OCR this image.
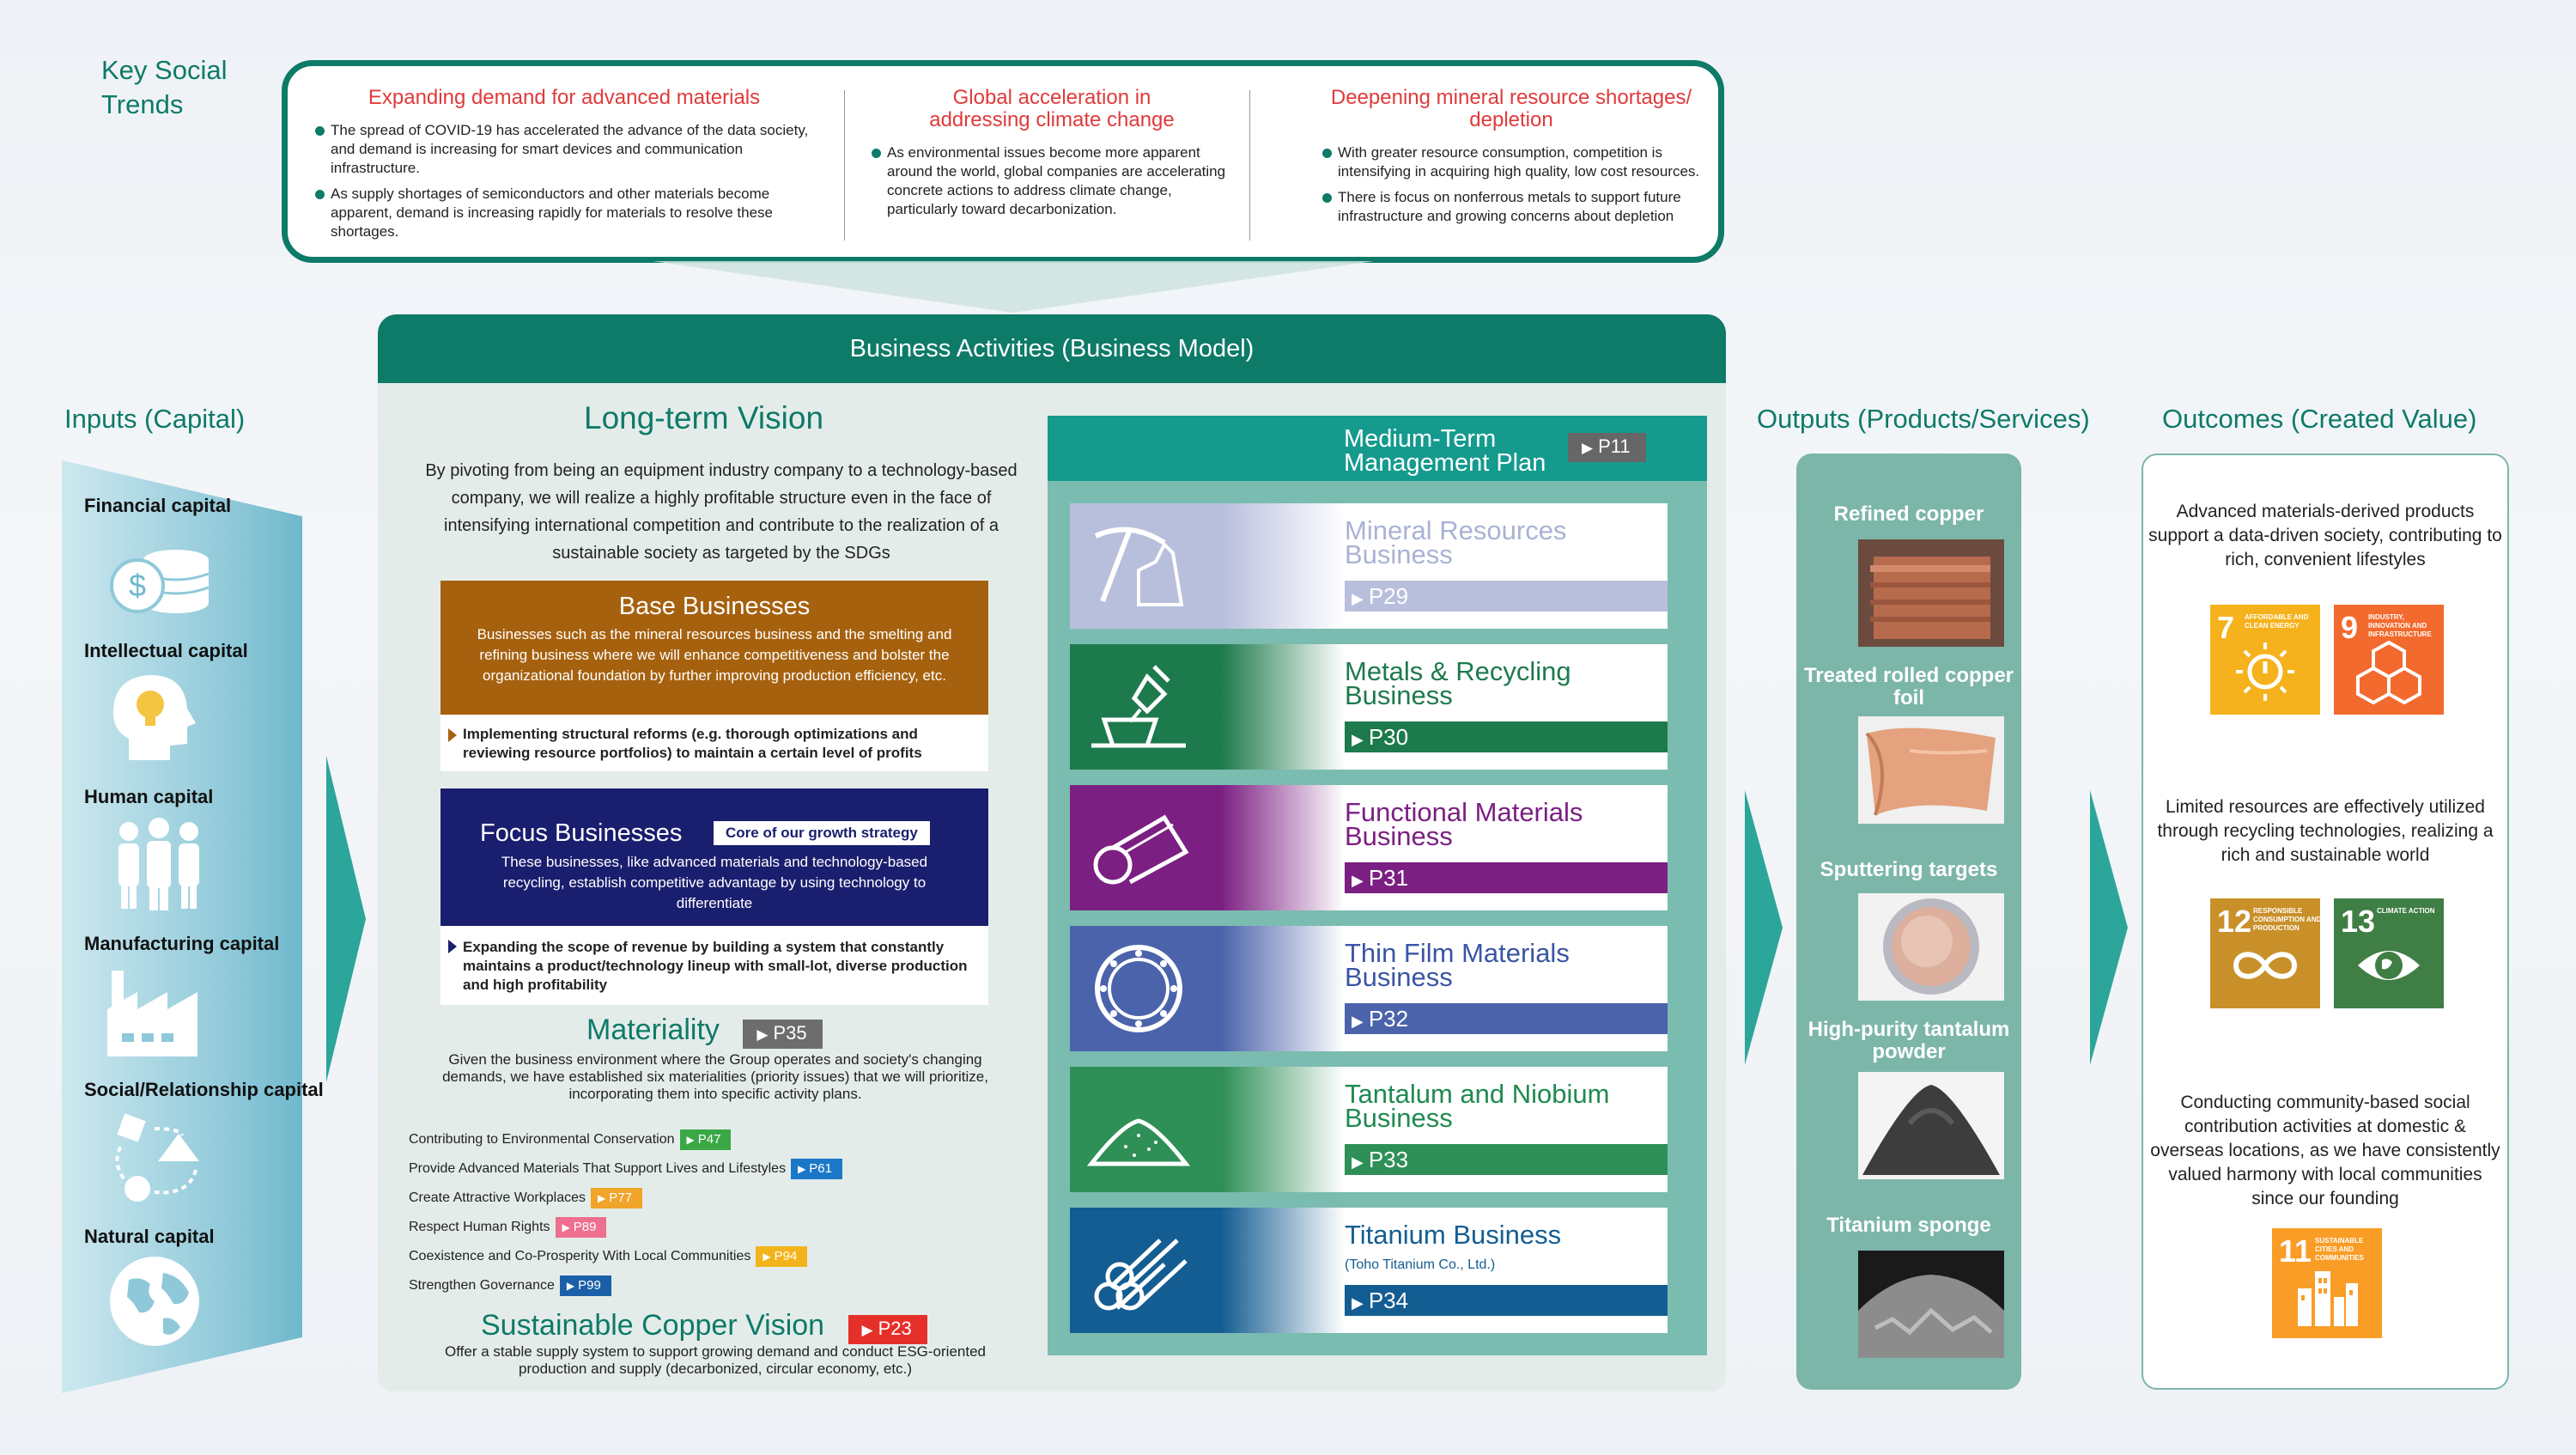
Key Social Trends	Expanding demand for advanced materials
The spread of COVID-19 has accelerated the advance of the data society, and demand is increasing for smart devices and communication infrastructure.
As supply shortages of semiconductors and other materials become apparent, demand is increasing rapidly for materials to resolve these shortages.
Global acceleration in addressing climate change
As environmental issues become more apparent around the world, global companies are accelerating concrete actions to address climate change, particularly toward decarbonization.
Deepening mineral resource shortages/ depletion
With greater resource consumption, competition is intensifying in acquiring high quality, low cost resources.
There is focus on nonferrous metals to support future infrastructure and growing concerns about depletion
Inputs (Capital)
Financial capital
$
Intellectual capital
Human capital
Manufacturing capital
Social/Relationship capital
Natural capital
Business Activities (Business Model)
Long-term Vision
By pivoting from being an equipment industry company to a technology-based company, we will realize a highly profitable structure even in the face of intensifying international competition and contribute to the realization of a sustainable society as targeted by the SDGs
Base Businesses
Businesses such as the mineral resources business and the smelting and refining business where we will enhance competitiveness and bolster the organizational foundation by further improving production efficiency, etc.
Implementing structural reforms (e.g. thorough optimizations and reviewing resource portfolios) to maintain a certain level of profits
Focus Businesses	Core of our growth strategy
These businesses, like advanced materials and technology-based recycling, establish competitive advantage by using technology to differentiate
Expanding the scope of revenue by building a system that constantly maintains a product/technology lineup with small-lot, diverse production and high profitability
Materiality	▶ P35
Given the business environment where the Group operates and society's changing demands, we have established six materialities (priority issues) that we will prioritize, incorporating them into specific activity plans.
Contributing to Environmental Conservation ▶ P47
Provide Advanced Materials That Support Lives and Lifestyles ▶ P61
Create Attractive Workplaces ▶ P77
Respect Human Rights ▶ P89
Coexistence and Co-Prosperity With Local Communities ▶ P94
Strengthen Governance ▶ P99
Sustainable Copper Vision	▶ P23
Offer a stable supply system to support growing demand and conduct ESG-oriented production and supply (decarbonized, circular economy, etc.)
Medium-Term Management Plan
▶ P11
Mineral Resources Business
▶ P29
Metals & Recycling Business
▶ P30
Functional Materials Business
▶ P31
Thin Film Materials Business
▶ P32
Tantalum and Niobium Business
▶ P33
Titanium Business
(Toho Titanium Co., Ltd.)
▶ P34
Outputs (Products/Services)
Refined copper
Treated rolled copper foil
Sputtering targets
High-purity tantalum powder
Titanium sponge
Outcomes (Created Value)
Advanced materials-derived products support a data-driven society, contributing to rich, convenient lifestyles
7 AFFORDABLE AND CLEAN ENERGY	9 INDUSTRY, INNOVATION AND INFRASTRUCTURE
Limited resources are effectively utilized through recycling technologies, realizing a rich and sustainable world
12 RESPONSIBLE CONSUMPTION AND PRODUCTION	13 CLIMATE ACTION
Conducting community-based social contribution activities at domestic & overseas locations, as we have consistently valued harmony with local communities since our founding
11 SUSTAINABLE CITIES AND COMMUNITIES
